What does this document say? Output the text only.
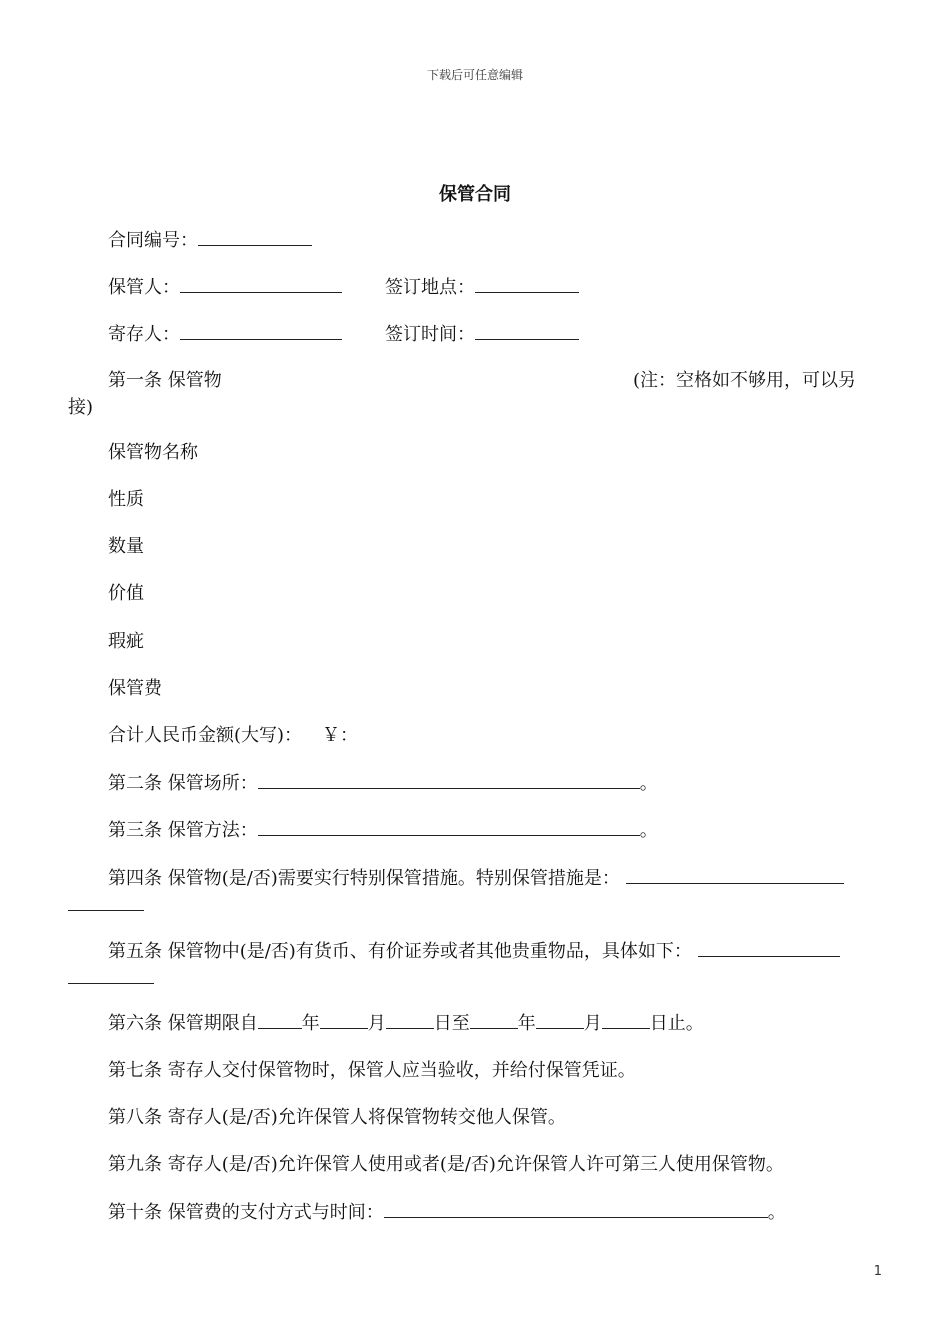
下载后可任意编辑
保管合同
合同编号：
保管人：	签订地点：
寄存人：	签订时间：
第一条 保管物	(注：空格如不够用，可以另
接)
保管物名称
性质
数量
价值
瑕疵
保管费
合计人民币金额(大写)： ￥：
第二条 保管场所：	。
第三条 保管方法：	。
第四条 保管物(是/否)需要实行特别保管措施。特别保管措施是：
第五条 保管物中(是/否)有货币、有价证券或者其他贵重物品，具体如下：
第六条 保管期限自 年	月	日至	年	月	日止。
第七条 寄存人交付保管物时，保管人应当验收，并给付保管凭证。
第八条 寄存人(是/否)允许保管人将保管物转交他人保管。
第九条 寄存人(是/否)允许保管人使用或者(是/否)允许保管人许可第三人使用保管物。
第十条 保管费的支付方式与时间：	。
1
